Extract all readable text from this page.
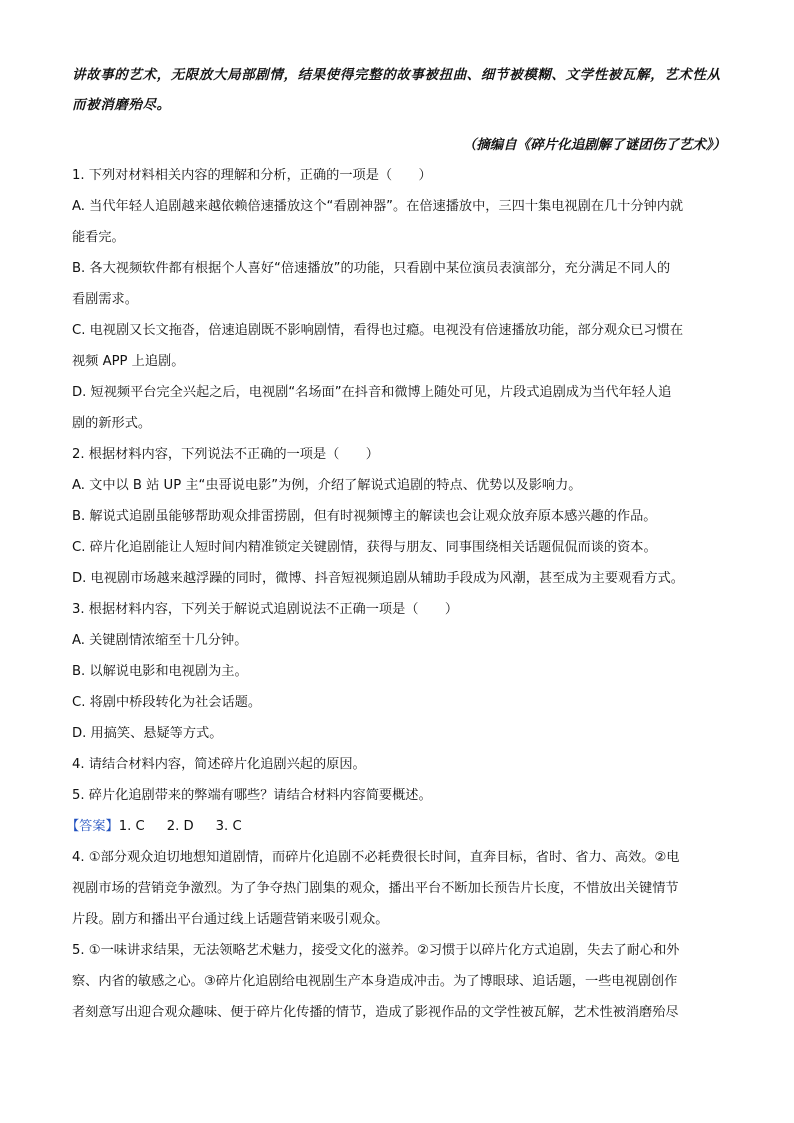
讲故事的艺术，无限放大局部剧情，结果使得完整的故事被扭曲、细节被模糊、文学性被瓦解，艺术性从
而被消磨殆尽。
（摘编自《碎片化追剧解了谜团伤了艺术》）

1. 下列对材料相关内容的理解和分析，正确的一项是（　　）

A. 当代年轻人追剧越来越依赖倍速播放这个“看剧神器”。在倍速播放中，三四十集电视剧在几十分钟内就

能看完。

B. 各大视频软件都有根据个人喜好“倍速播放”的功能，只看剧中某位演员表演部分，充分满足不同人的

看剧需求。

C. 电视剧又长文拖沓，倍速追剧既不影响剧情，看得也过瘾。电视没有倍速播放功能，部分观众已习惯在

视频 APP 上追剧。

D. 短视频平台完全兴起之后，电视剧“名场面”在抖音和微博上随处可见，片段式追剧成为当代年轻人追

剧的新形式。

2. 根据材料内容，下列说法不正确的一项是（　　）

A. 文中以 B 站 UP 主“虫哥说电影”为例，介绍了解说式追剧的特点、优势以及影响力。

B. 解说式追剧虽能够帮助观众排雷捞剧，但有时视频博主的解读也会让观众放弃原本感兴趣的作品。

C. 碎片化追剧能让人短时间内精准锁定关键剧情，获得与朋友、同事围绕相关话题侃侃而谈的资本。

D. 电视剧市场越来越浮躁的同时，微博、抖音短视频追剧从辅助手段成为风潮，甚至成为主要观看方式。

3. 根据材料内容，下列关于解说式追剧说法不正确一项是（　　）

A. 关键剧情浓缩至十几分钟。

B. 以解说电影和电视剧为主。

C. 将剧中桥段转化为社会话题。

D. 用搞笑、悬疑等方式。

4. 请结合材料内容，简述碎片化追剧兴起的原因。

5. 碎片化追剧带来的弊端有哪些？请结合材料内容简要概述。

【答案】1. C 2. D 3. C

4. ①部分观众迫切地想知道剧情，而碎片化追剧不必耗费很长时间，直奔目标，省时、省力、高效。②电

视剧市场的营销竞争激烈。为了争夺热门剧集的观众，播出平台不断加长预告片长度，不惜放出关键情节

片段。剧方和播出平台通过线上话题营销来吸引观众。

5. ①一味讲求结果，无法领略艺术魅力，接受文化的滋养。②习惯于以碎片化方式追剧，失去了耐心和外

察、内省的敏感之心。③碎片化追剧给电视剧生产本身造成冲击。为了博眼球、追话题，一些电视剧创作

者刻意写出迎合观众趣味、便于碎片化传播的情节，造成了影视作品的文学性被瓦解，艺术性被消磨殆尽
